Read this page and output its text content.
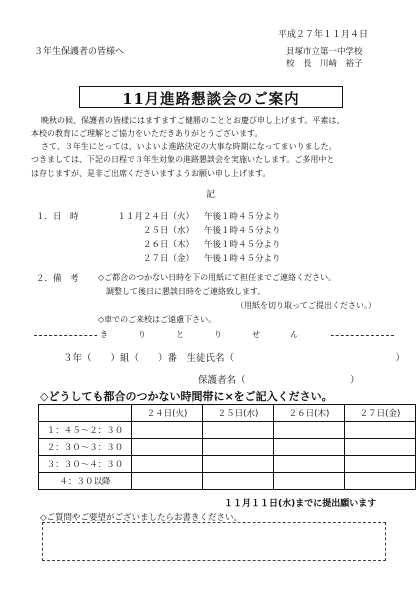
平成２７年１１月４日
３年生保護者の皆様へ	貝塚市立第一中学校
校　長　川﨑　裕子
11月進路懇談会のご案内
晩秋の候、保護者の皆様にはますますご健勝のこととお慶び申し上げます。平素は、
本校の教育にご理解とご協力をいただきありがとうございます。
さて、３年生にとっては、いよいよ進路決定の大事な時期になってまいりました。
つきましては、下記の日程で３年生対象の進路懇談会を実施いたします。ご多用中と
は存じますが、是非ご出席くださいますようお願い申し上げます。
記
１．日　時	１１月２４日（火） 午後１時４５分より
２５日（水） 午後１時４５分より
２６日（木） 午後１時４５分より
２７日（金） 午後１時４５分より
２．備　考 ◇ご都合のつかない日時を下の用紙にて担任までご連絡ください。
調整して後日に懇談日時をご連絡致します。
（用紙を切り取ってご提出ください。）
◇車でのご来校はご遠慮下さい。
きりとりせん
３年（　　）組（　　）番　生徒氏名（　　　　　　　　　　　　　　　　　）
保護者名（　　　　　　　　　　　）
◇どうしても都合のつかない時間帯に×をご記入ください。
	２４日(火)	２５日(水)	２６日(木)	２７日(金)
１：４５～２：３０				
２：３０～３：３０				
３：３０～４：３０				
４：３０以降				
１１月１１日(水)までに提出願います
◇ご質問やご要望がございましたらお書きください。
